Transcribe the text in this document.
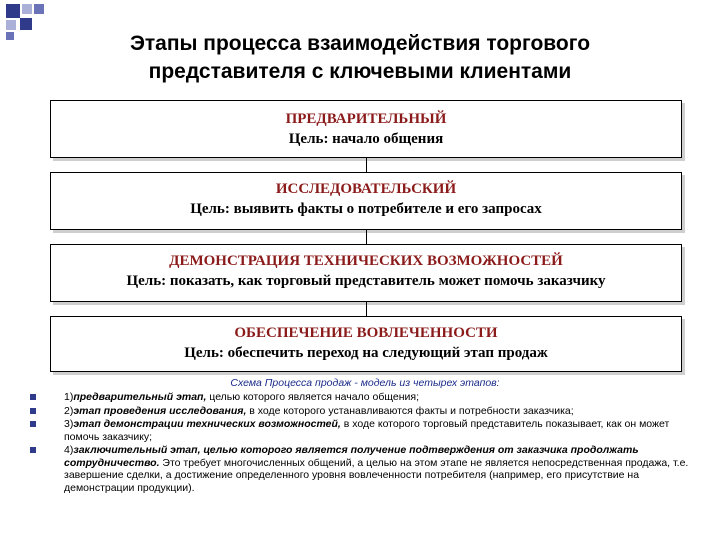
Этапы процесса взаимодействия торгового представителя с ключевыми клиентами
ПРЕДВАРИТЕЛЬНЫЙ
Цель: начало общения
ИССЛЕДОВАТЕЛЬСКИЙ
Цель: выявить факты о потребителе и его запросах
ДЕМОНСТРАЦИЯ ТЕХНИЧЕСКИХ ВОЗМОЖНОСТЕЙ
Цель: показать, как торговый представитель может помочь заказчику
ОБЕСПЕЧЕНИЕ ВОВЛЕЧЕННОСТИ
Цель: обеспечить переход на следующий этап продаж
Схема Процесса продаж - модель из четырех этапов:
1)предварительный этап, целью которого является начало общения;
2)этап проведения исследования, в ходе которого устанавливаются факты и потребности заказчика;
3)этап демонстрации технических возможностей, в ходе которого торговый представитель показывает, как он может помочь заказчику;
4)заключительный этап, целью которого является получение подтверждения от заказчика продолжать сотрудничество. Это требует многочисленных общений, а целью на этом этапе не является непосредственная продажа, т.е. завершение сделки, а достижение определенного уровня вовлеченности потребителя (например, его присутствие на демонстрации продукции).
